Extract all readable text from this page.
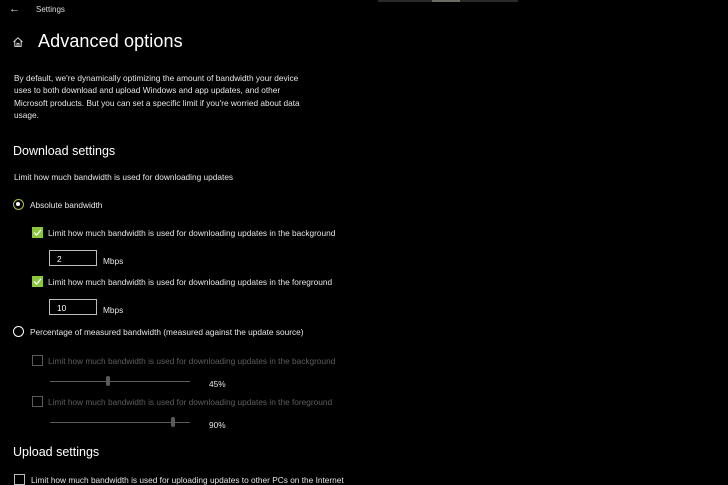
← Settings
Advanced options
By default, we're dynamically optimizing the amount of bandwidth your device uses to both download and upload Windows and app updates, and other Microsoft products. But you can set a specific limit if you're worried about data usage.
Download settings
Limit how much bandwidth is used for downloading updates
Absolute bandwidth
Limit how much bandwidth is used for downloading updates in the background
2	Mbps
Limit how much bandwidth is used for downloading updates in the foreground
10	Mbps
Percentage of measured bandwidth (measured against the update source)
Limit how much bandwidth is used for downloading updates in the background
45%
Limit how much bandwidth is used for downloading updates in the foreground
90%
Upload settings
Limit how much bandwidth is used for uploading updates to other PCs on the Internet
